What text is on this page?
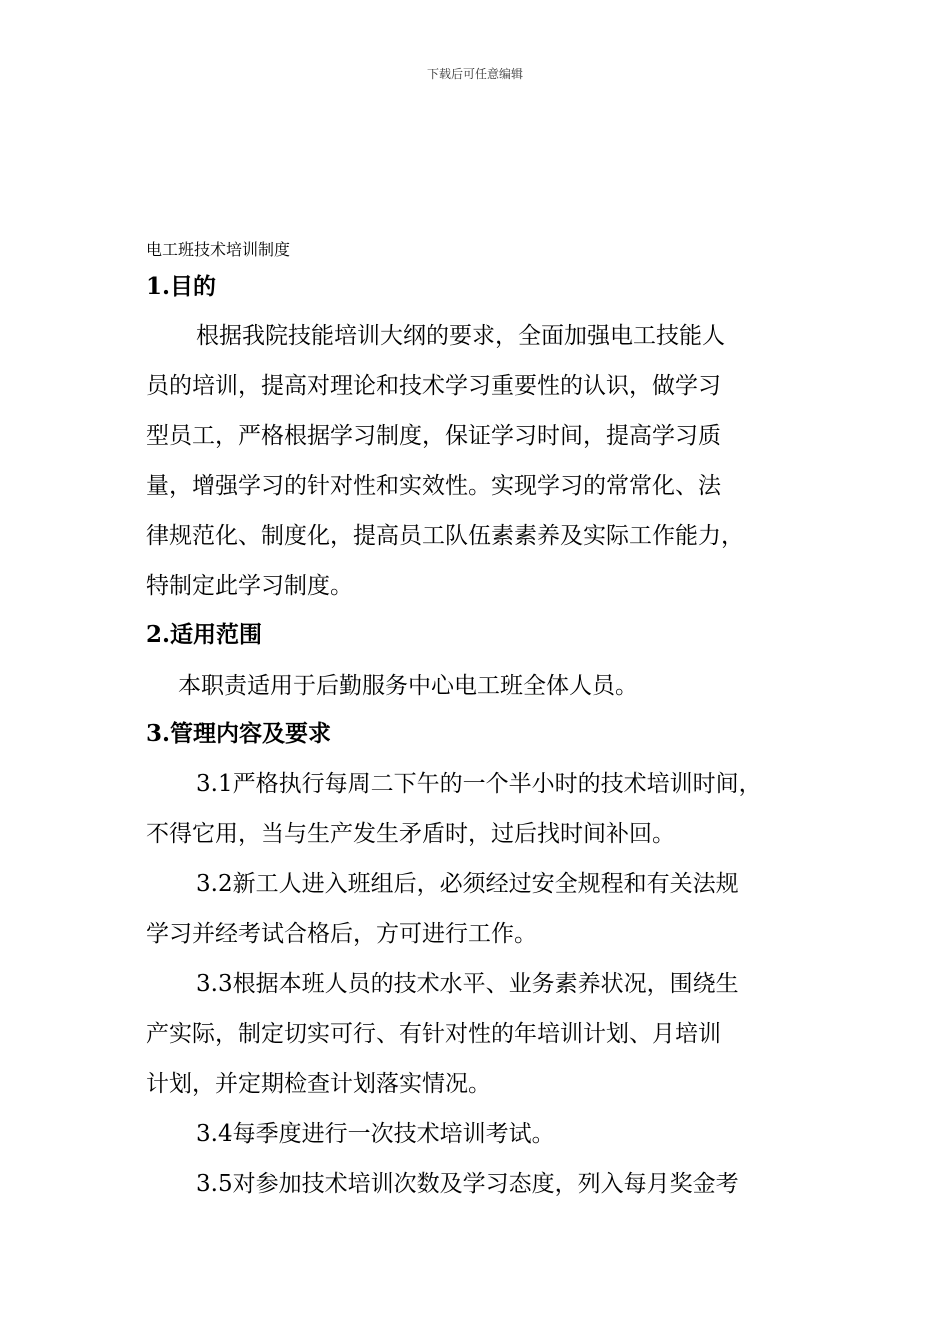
下载后可任意编辑
电工班技术培训制度
1.目的
根据我院技能培训大纲的要求，全面加强电工技能人
员的培训，提高对理论和技术学习重要性的认识，做学习
型员工，严格根据学习制度，保证学习时间，提高学习质
量，增强学习的针对性和实效性。实现学习的常常化、法
律规范化、制度化，提高员工队伍素素养及实际工作能力，
特制定此学习制度。
2.适用范围
本职责适用于后勤服务中心电工班全体人员。
3.管理内容及要求
3.1严格执行每周二下午的一个半小时的技术培训时间，
不得它用，当与生产发生矛盾时，过后找时间补回。
3.2新工人进入班组后，必须经过安全规程和有关法规
学习并经考试合格后，方可进行工作。
3.3根据本班人员的技术水平、业务素养状况，围绕生
产实际，制定切实可行、有针对性的年培训计划、月培训
计划，并定期检查计划落实情况。
3.4每季度进行一次技术培训考试。
3.5对参加技术培训次数及学习态度，列入每月奖金考
